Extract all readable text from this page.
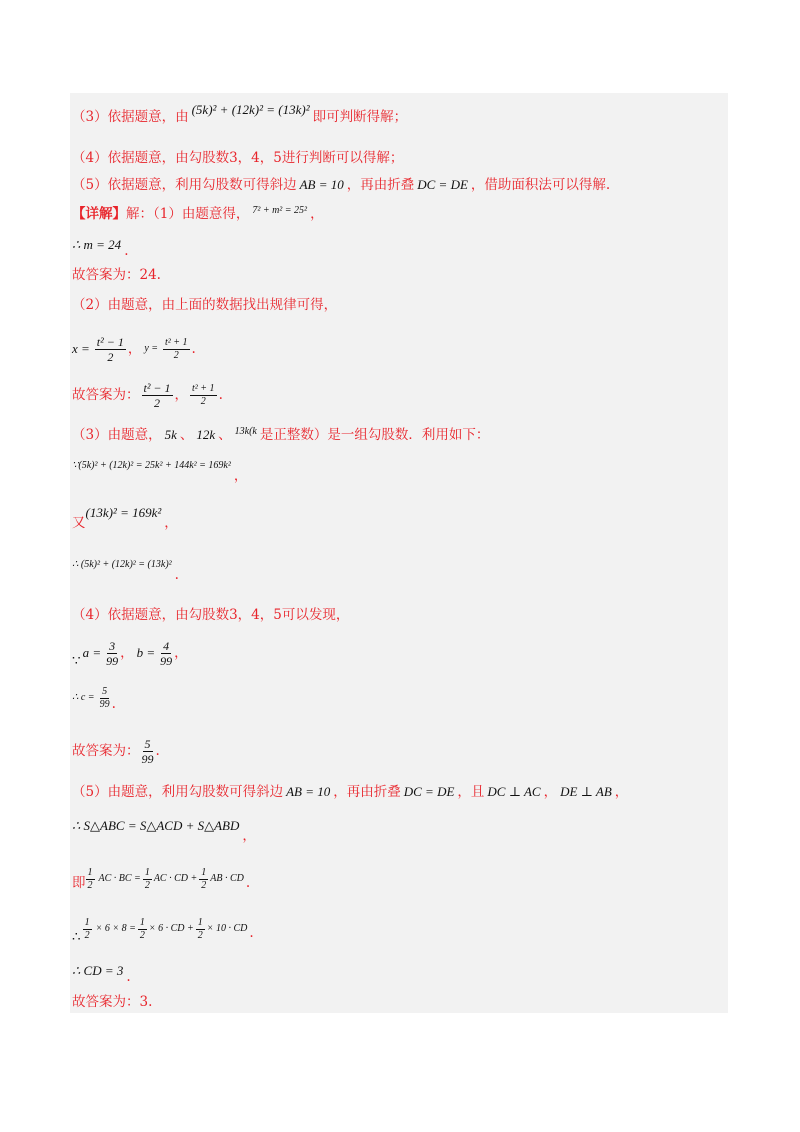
（3）依据题意，由 (5k)² + (12k)² = (13k)² 即可判断得解；
（4）依据题意，由勾股数3，4，5进行判断可以得解；
（5）依据题意，利用勾股数可得斜边 AB = 10 ，再由折叠 DC = DE ，借助面积法可以得解.
【详解】 解：（1）由题意得， 7² + m² = 25² ，
∴ m = 24 .
故答案为：24.
（2）由题意，由上面的数据找出规律可得，
$x = \frac{\text{t² − 1}}{2}$ ， $y = \frac{\text{t² + 1}}{2}$ .
故答案为： $\frac{\text{t² − 1}}{2}$ ， $\frac{\text{t² + 1}}{2}$ .
（3）由题意， 5k 、 12k 、 13k(k 是正整数）是一组勾股数．利用如下：
∵(5k)² + (12k)² = 25k² + 144k² = 169k²
，
又
(13k)² = 169k²
，
∴ (5k)² + (12k)² = (13k)²
.
（4）依据题意，由勾股数3，4，5可以发现，
∵
$a = \frac{3}{99}$ ， $b = \frac{4}{99}$ ，
∴ $c = \frac{5}{99}$ .
故答案为： $\frac{5}{99}$ .
（5）由题意，利用勾股数可得斜边 AB = 10 ，再由折叠 DC = DE ，且 DC ⊥ AC ， DE ⊥ AB ，
∴ S△ABC = S△ACD + S△ABD
，
即 $\frac{1}{2}$ AC · BC = $\frac{1}{2}$ AC · CD + $\frac{1}{2}$ AB · CD .
∴ $\frac{1}{2} \times 6 \times 8 = \frac{1}{2} \times 6$ · CD + $\frac{1}{2} \times 10$ · CD .
∴ CD = 3 .
故答案为：3.
